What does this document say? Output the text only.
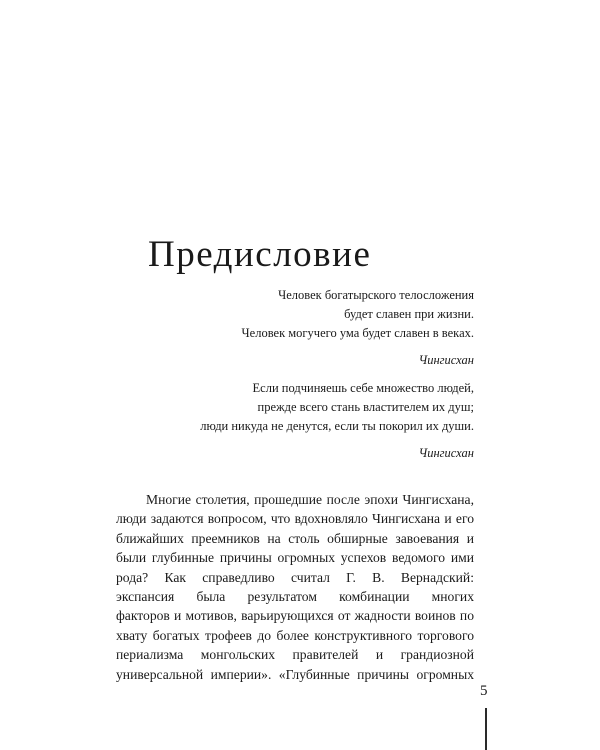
Предисловие
Человек богатырского телосложения
будет славен при жизни.
Человек могучего ума будет славен в веках.
Чингисхан
Если подчиняешь себе множество людей,
прежде всего стань властителем их душ;
люди никуда не денутся, если ты покорил их души.
Чингисхан
Многие столетия, прошедшие после эпохи Чингисхана,
люди задаются вопросом, что вдохновляло Чингисхана и его
ближайших преемников на столь обширные завоевания и
были глубинные причины огромных успехов ведомого ими
рода? Как справедливо считал Г. В. Вернадский:
экспансия была результатом комбинации многих
факторов и мотивов, варьирующихся от жадности воинов по
хвату богатых трофеев до более конструктивного торгового
периализма монгольских правителей и грандиозной
универсальной империи». «Глубинные причины огромных
5
